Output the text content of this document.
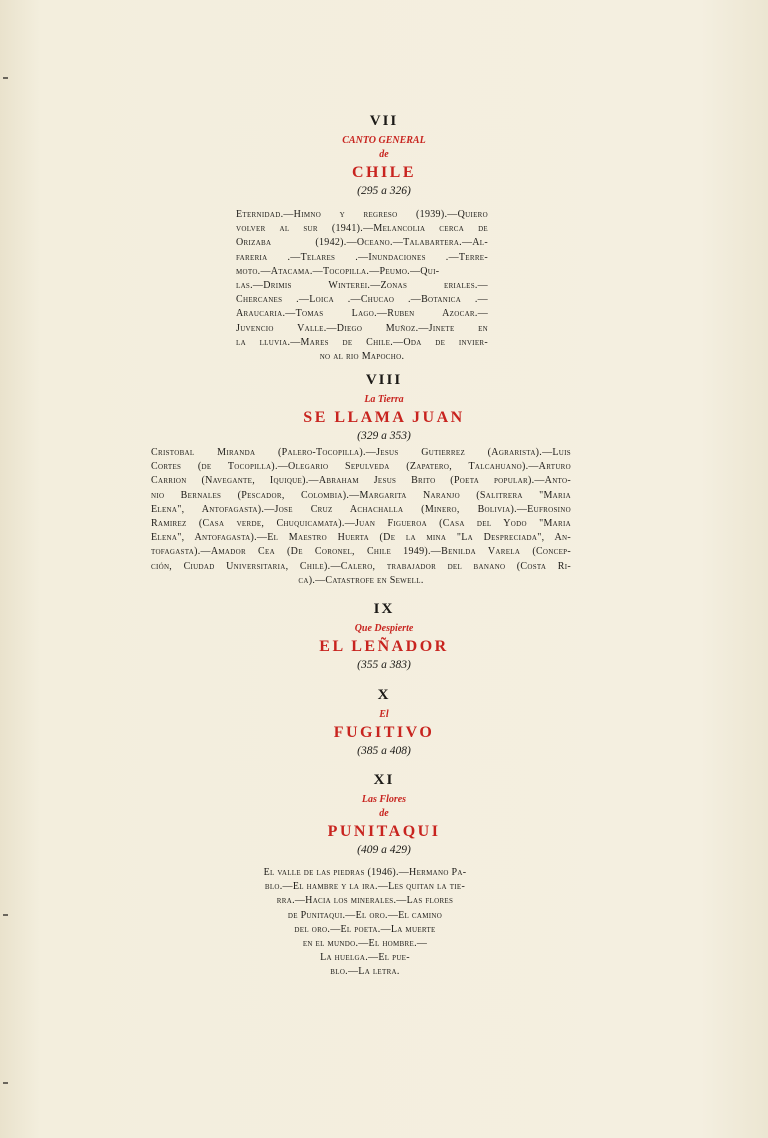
VII
CANTO GENERAL
de
CHILE
(295 a 326)
Eternidad.—Himno y regreso (1939).—Quiero
volver al sur (1941).—Melancolia cerca de
Orizaba (1942).—Oceano.—Talabartera.—Al-
fareria .—Telares .—Inundaciones .—Terre-
moto.—Atacama.—Tocopilla.—Peumo.—Qui-
las.—Drimis Winterei.—Zonas eriales.—
Chercanes .—Loica .—Chucao .—Botanica .—
Araucaria.—Tomas Lago.—Ruben Azocar.—
Juvencio Valle.—Diego Muñoz.—Jinete en
la lluvia.—Mares de Chile.—Oda de invier-
no al rio Mapocho.
VIII
La Tierra
SE LLAMA JUAN
(329 a 353)
Cristobal Miranda (Palero-Tocopilla).—Jesus Gutierrez (Agrarista).—Luis
Cortes (de Tocopilla).—Olegario Sepulveda (Zapatero, Talcahuano).—Arturo
Carrion (Navegante, Iquique).—Abraham Jesus Brito (Poeta popular).—Anto-
nio Bernales (Pescador, Colombia).—Margarita Naranjo (Salitrera "Maria
Elena", Antofagasta).—Jose Cruz Achachalla (Minero, Bolivia).—Eufrosino
Ramirez (Casa verde, Chuquicamata).—Juan Figueroa (Casa del Yodo "Maria
Elena", Antofagasta).—El Maestro Huerta (De la mina "La Despreciada", An-
tofagasta).—Amador Cea (De Coronel, Chile 1949).—Benilda Varela (Concep-
ción, Ciudad Universitaria, Chile).—Calero, trabajador del banano (Costa Ri-
ca).—Catastrofe en Sewell.
IX
Que Despierte
EL LEÑADOR
(355 a 383)
X
El
FUGITIVO
(385 a 408)
XI
Las Flores
de
PUNITAQUI
(409 a 429)
El valle de las piedras (1946).—Hermano Pa-
blo.—El hambre y la ira.—Les quitan la tie-
rra.—Hacia los minerales.—Las flores
de Punitaqui.—El oro.—El camino
del oro.—El poeta.—La muerte
en el mundo.—El hombre.—
La huelga.—El pue-
blo.—La letra.
